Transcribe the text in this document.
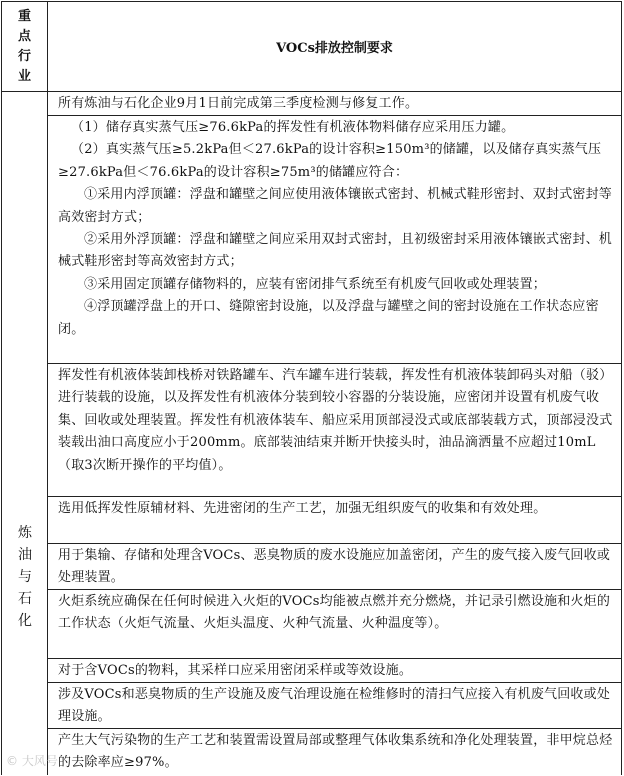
重
点
行
业
VOCs排放控制要求
炼
油
与
石
化

所有炼油与石化企业9月1日前完成第三季度检测与修复工作。

（1）储存真实蒸气压≥76.6kPa的挥发性有机液体物料储存应采用压力罐。

（2）真实蒸气压≥5.2kPa但＜27.6kPa的设计容积≥150m³的储罐，以及储存真实蒸气压≥27.6kPa但＜76.6kPa的设计容积≥75m³的储罐应符合：

①采用内浮顶罐：浮盘和罐壁之间应使用液体镶嵌式密封、机械式鞋形密封、双封式密封等高效密封方式；

②采用外浮顶罐：浮盘和罐壁之间应采用双封式密封，且初级密封采用液体镶嵌式密封、机械式鞋形密封等高效密封方式；

③采用固定顶罐存储物料的，应装有密闭排气系统至有机废气回收或处理装置；

④浮顶罐浮盘上的开口、缝隙密封设施，以及浮盘与罐壁之间的密封设施在工作状态应密闭。

挥发性有机液体装卸栈桥对铁路罐车、汽车罐车进行装载，挥发性有机液体装卸码头对船（驳）进行装载的设施，以及挥发性有机液体分装到较小容器的分装设施，应密闭并设置有机废气收集、回收或处理装置。挥发性有机液体装车、船应采用顶部浸没式或底部装载方式，顶部浸没式装载出油口高度应小于200mm。底部装油结束并断开快接头时，油品滴洒量不应超过10mL（取3次断开操作的平均值）。

选用低挥发性原辅材料、先进密闭的生产工艺，加强无组织废气的收集和有效处理。

用于集输、存储和处理含VOCs、恶臭物质的废水设施应加盖密闭，产生的废气接入废气回收或处理装置。

火炬系统应确保在任何时候进入火炬的VOCs均能被点燃并充分燃烧，并记录引燃设施和火炬的工作状态（火炬气流量、火炬头温度、火种气流量、火种温度等）。

对于含VOCs的物料，其采样口应采用密闭采样或等效设施。

涉及VOCs和恶臭物质的生产设施及废气治理设施在检维修时的清扫气应接入有机废气回收或处理设施。

产生大气污染物的生产工艺和装置需设置局部或整理气体收集系统和净化处理装置，非甲烷总烃的去除率应≥97%。

© 大风号
